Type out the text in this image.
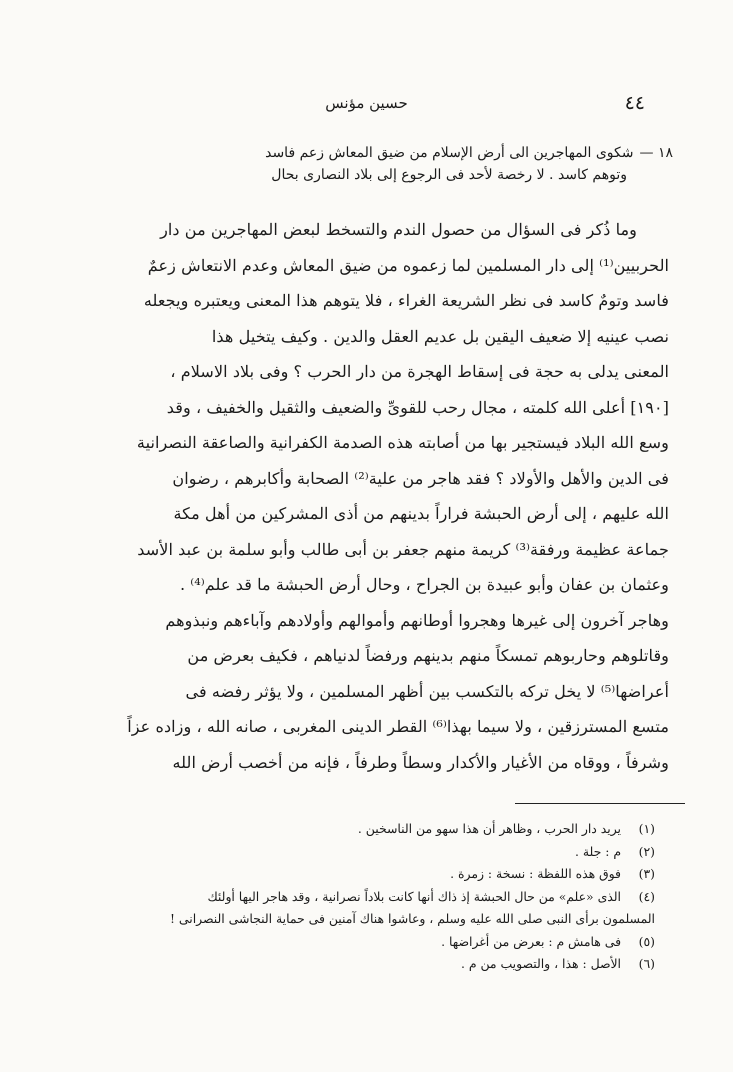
٤٤
حسين مؤنس
١٨ —شكوى المهاجرين الى أرض الإسلام من ضيق المعاش زعم فاسد
وتوهم كاسد . لا رخصة لأحد فى الرجوع إلى بلاد النصارى بحال
وما ذُكر فى السؤال من حصول الندم والتسخط لبعض المهاجرين من دار
الحربيين⁽¹⁾ إلى دار المسلمين لما زعموه من ضيق المعاش وعدم الانتعاش زعمٌ
فاسد وتومٌ كاسد فى نظر الشريعة الغراء ، فلا يتوهم هذا المعنى ويعتبره ويجعله
نصب عينيه إلا ضعيف اليقين بل عديم العقل والدين . وكيف يتخيل هذا
المعنى يدلى به حجة فى إسقاط الهجرة من دار الحرب ؟ وفى بلاد الاسلام ،
[١٩٠] أعلى الله كلمته ، مجال رحب للقوىِّ والضعيف والثقيل والخفيف ، وقد
وسع الله البلاد فيستجير بها من أصابته هذه الصدمة الكفرانية والصاعقة النصرانية
فى الدين والأهل والأولاد ؟ فقد هاجر من علية⁽²⁾ الصحابة وأكابرهم ، رضوان
الله عليهم ، إلى أرض الحبشة فراراً بدينهم من أذى المشركين من أهل مكة
جماعة عظيمة ورفقة⁽³⁾ كريمة منهم جعفر بن أبى طالب وأبو سلمة بن عبد الأسد
وعثمان بن عفان وأبو عبيدة بن الجراح ، وحال أرض الحبشة ما قد علم⁽⁴⁾ .
وهاجر آخرون إلى غيرها وهجروا أوطانهم وأموالهم وأولادهم وآباءهم ونبذوهم
وقاتلوهم وحاربوهم تمسكاً منهم بدينهم ورفضاً لدنياهم ، فكيف بعرض من
أعراضها⁽⁵⁾ لا يخل تركه بالتكسب بين أظهر المسلمين ، ولا يؤثر رفضه فى
متسع المسترزقين ، ولا سيما بهذا⁽⁶⁾ القطر الدينى المغربى ، صانه الله ، وزاده عزاً
وشرفاً ، ووقاه من الأغيار والأكدار وسطاً وطرفاً ، فإنه من أخصب أرض الله
(١)يريد دار الحرب ، وظاهر أن هذا سهو من الناسخين .
(٢)م : جلة .
(٣)فوق هذه اللفظة : نسخة : زمرة .
(٤)الذى «علم» من حال الحبشة إذ ذاك أنها كانت بلاداً نصرانية ، وقد هاجر اليها أولئك
المسلمون برأى النبى صلى الله عليه وسلم ، وعاشوا هناك آمنين فى حماية النجاشى النصرانى !
(٥)فى هامش م : بعرض من أغراضها .
(٦)الأصل : هذا ، والتصويب من م .
